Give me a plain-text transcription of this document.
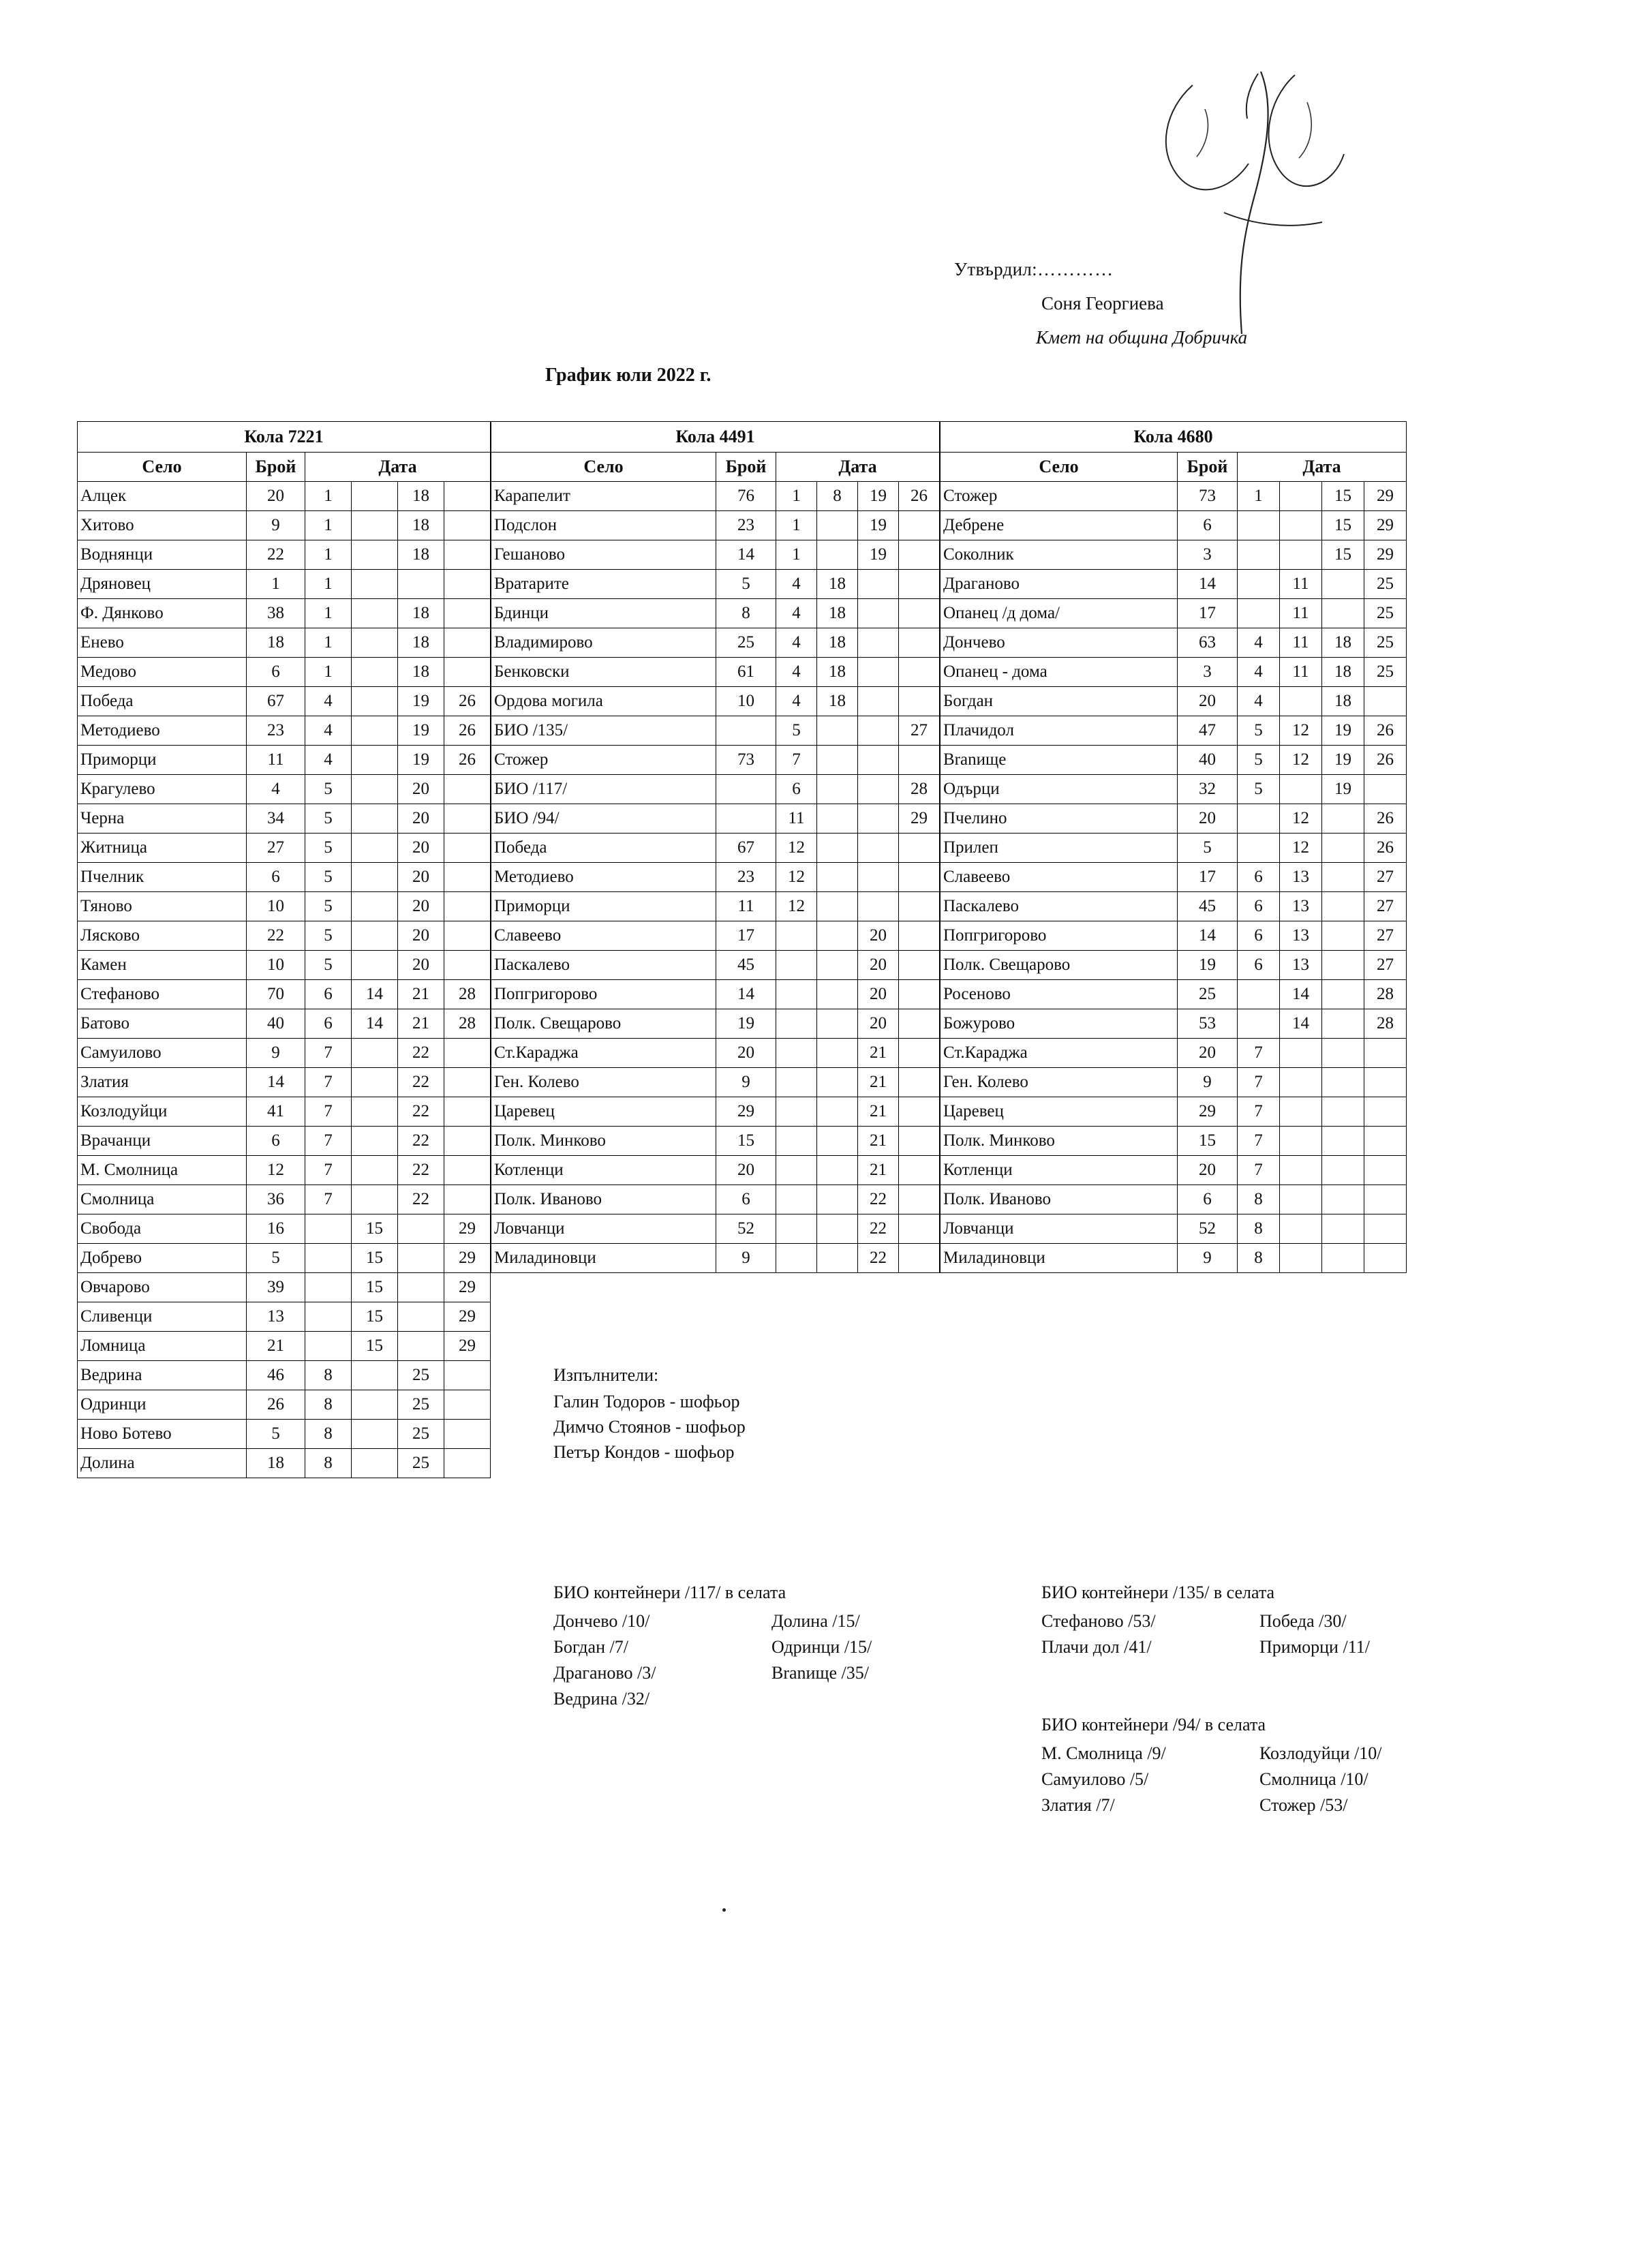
Утвърдил:…………
Соня Георгиева
Кмет на община Добричка
График юли 2022 г.
Кола 7221					
Село	Брой	Дата			
Алцек	20	1		18	
Хитово	9	1		18	
Воднянци	22	1		18	
Дряновец	1	1			
Ф. Дянково	38	1		18	
Енево	18	1		18	
Медово	6	1		18	
Победа	67	4		19	26
Методиево	23	4		19	26
Приморци	11	4		19	26
Крагулево	4	5		20	
Черна	34	5		20	
Житница	27	5		20	
Пчелник	6	5		20	
Тяново	10	5		20	
Лясково	22	5		20	
Камен	10	5		20	
Стефаново	70	6	14	21	28
Батово	40	6	14	21	28
Самуилово	9	7		22	
Златия	14	7		22	
Козлодуйци	41	7		22	
Врачанци	6	7		22	
М. Смолница	12	7		22	
Смолница	36	7		22	
Свобода	16		15		29
Добрево	5		15		29
Овчарово	39		15		29
Сливенци	13		15		29
Ломница	21		15		29
Ведрина	46	8		25	
Одринци	26	8		25	
Ново Ботево	5	8		25	
Долина	18	8		25	
Кола 4491					
Село	Брой	Дата			
Карапелит	76	1	8	19	26
Подслон	23	1		19	
Гешаново	14	1		19	
Вратарите	5	4	18		
Бдинци	8	4	18		
Владимирово	25	4	18		
Бенковски	61	4	18		
Ордова могила	10	4	18		
БИО /135/		5			27
Стожер	73	7			
БИО /117/		6			28
БИО /94/		11			29
Победа	67	12			
Методиево	23	12			
Приморци	11	12			
Славеево	17			20	
Паскалево	45			20	
Попгригорово	14			20	
Полк. Свещарово	19			20	
Ст.Караджа	20			21	
Ген. Колево	9			21	
Царевец	29			21	
Полк. Минково	15			21	
Котленци	20			21	
Полк. Иваново	6			22	
Ловчанци	52			22	
Миладиновци	9			22	
Кола 4680					
Село	Брой	Дата			
Стожер	73	1		15	29
Дебрене	6			15	29
Соколник	3			15	29
Драганово	14		11		25
Опанец /д дома/	17		11		25
Дончево	63	4	11	18	25
Опанец - дома	3	4	11	18	25
Богдан	20	4		18	
Плачидол	47	5	12	19	26
Branище	40	5	12	19	26
Одърци	32	5		19	
Пчелино	20		12		26
Прилеп	5		12		26
Славеево	17	6	13		27
Паскалево	45	6	13		27
Попгригорово	14	6	13		27
Полк. Свещарово	19	6	13		27
Росеново	25		14		28
Божурово	53		14		28
Ст.Караджа	20	7			
Ген. Колево	9	7			
Царевец	29	7			
Полк. Минково	15	7			
Котленци	20	7			
Полк. Иваново	6	8			
Ловчанци	52	8			
Миладиновци	9	8			
Изпълнители:
Галин Тодоров - шофьор
Димчо Стоянов - шофьор
Петър Кондов - шофьор
БИО контейнери /117/ в селата
Дончево /10/	Долина /15/
Богдан /7/	Одринци /15/
Драганово /3/	Branище /35/
Ведрина /32/
БИО контейнери /135/ в селата
Стефаново /53/	Победа /30/
Плачи дол /41/	Приморци /11/
БИО контейнери /94/ в селата
М. Смолница /9/	Козлодуйци /10/
Самуилово /5/	Смолница /10/
Златия /7/	Стожер /53/
